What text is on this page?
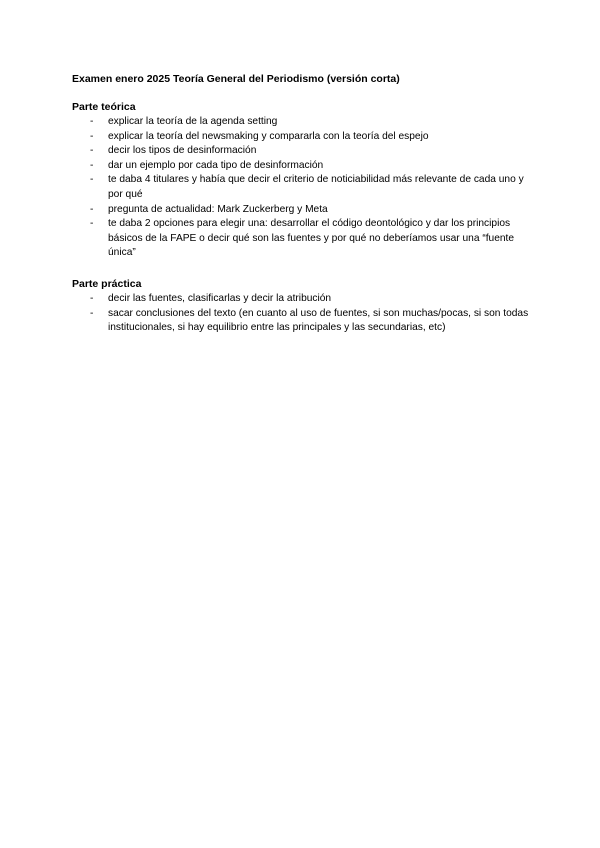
Examen enero 2025 Teoría General del Periodismo (versión corta)
Parte teórica
- explicar la teoría de la agenda setting
- explicar la teoría del newsmaking y compararla con la teoría del espejo
- decir los tipos de desinformación
- dar un ejemplo por cada tipo de desinformación
- te daba 4 titulares y había que decir el criterio de noticiabilidad más relevante de cada uno y por qué
- pregunta de actualidad: Mark Zuckerberg y Meta
- te daba 2 opciones para elegir una: desarrollar el código deontológico y dar los principios básicos de la FAPE o decir qué son las fuentes y por qué no deberíamos usar una “fuente única”
Parte práctica
- decir las fuentes, clasificarlas y decir la atribución
- sacar conclusiones del texto (en cuanto al uso de fuentes, si son muchas/pocas, si son todas institucionales, si hay equilibrio entre las principales y las secundarias, etc)
